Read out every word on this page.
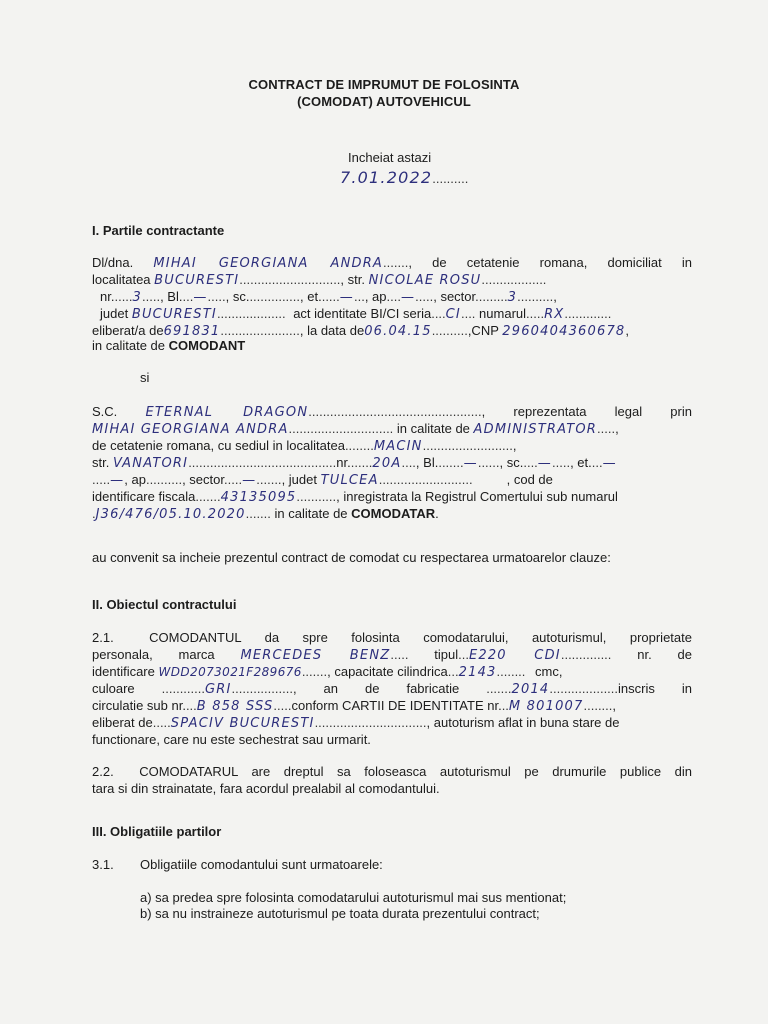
CONTRACT DE IMPRUMUT DE FOLOSINTA
(COMODAT) AUTOVEHICUL
Incheiat astazi
7.01.2022..........
I. Partile contractante
Dl/dna. MIHAI GEORGIANA ANDRA......., de cetatenie romana, domiciliat in
localitatea BUCURESTI............................, str. NICOLAE ROSU..................
nr......3....., Bl....—....., sc..............., et......—..., ap....—....., sector.........3..........,
judet BUCURESTI................... act identitate BI/CI seria....CI.... numarul.....RX.............
eliberat/a de691831......................, la data de06.04.15..........,CNP 2960404360678,
in calitate de COMODANT
si
S.C. ETERNAL DRAGON................................................, reprezentata legal prin
MIHAI GEORGIANA ANDRA............................. in calitate de ADMINISTRATOR.....,
de cetatenie romana, cu sediul in localitatea........MACIN.........................,
str. VANATORI.........................................nr.......20A...., Bl........—......, sc.....—....., et....—
.....—, ap.........., sector.....—......., judet TULCEA..........................	, cod de
identificare fiscala.......43135095..........., inregistrata la Registrul Comertului sub numarul
.J36/476/05.10.2020....... in calitate de COMODATAR.
au convenit sa incheie prezentul contract de comodat cu respectarea urmatoarelor clauze:
II. Obiectul contractului
2.1.	COMODANTUL da spre folosinta comodatarului, autoturismul, proprietate
personala, marca MERCEDES BENZ..... tipul...E220 CDI.............. nr. de
identificare WDD2073021F289676......., capacitate cilindrica...2143........ cmc,
culoare ............GRI................., an de fabricatie .......2014...................inscris in
circulatie sub nr....B 858 SSS.....conform CARTII DE IDENTITATE nr...M 801007........,
eliberat de.....SPACIV BUCURESTI..............................., autoturism aflat in buna stare de
functionare, care nu este sechestrat sau urmarit.
2.2. COMODATARUL are dreptul sa foloseasca autoturismul pe drumurile publice din
tara si din strainatate, fara acordul prealabil al comodantului.
III. Obligatiile partilor
3.1. Obligatiile comodantului sunt urmatoarele:
a) sa predea spre folosinta comodatarului autoturismul mai sus mentionat;
b) sa nu instraineze autoturismul pe toata durata prezentului contract;
